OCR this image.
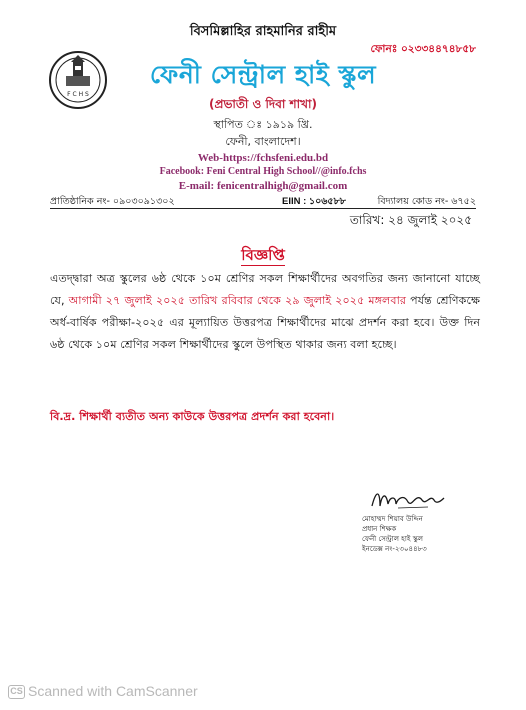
বিসমিল্লাহির রাহমানির রাহীম
ফোনঃ ০২৩৩৪৪৭৪৮৫৮
F C H S
ফেনী সেন্ট্রাল হাই স্কুল
(প্রভাতী ও দিবা শাখা)
স্থাপিত ঃ ১৯১৯ খ্রি.
ফেনী, বাংলাদেশ।
Web-https://fchsfeni.edu.bd
Facebook: Feni Central High School//@info.fchs
E-mail: fenicentralhigh@gmail.com
প্রাতিষ্ঠানিক নং- ০৯০৩০৯১৩০২	EIIN : ১০৬৫৮৮	বিদ্যালয় কোড নং- ৬৭৫২
তারিখ: ২৪ জুলাই ২০২৫
বিজ্ঞপ্তি
এতদ্দ্বারা অত্র স্কুলের ৬ষ্ঠ থেকে ১০ম শ্রেণির সকল শিক্ষার্থীদের অবগতির জন্য জানানো যাচ্ছে যে, আগামী ২৭ জুলাই ২০২৫ তারিখ রবিবার থেকে ২৯ জুলাই ২০২৫ মঙ্গলবার পর্যন্ত শ্রেণিকক্ষে অর্ধ-বার্ষিক পরীক্ষা-২০২৫ এর মূল্যায়িত উত্তরপত্র শিক্ষার্থীদের মাঝে প্রদর্শন করা হবে। উক্ত দিন ৬ষ্ঠ থেকে ১০ম শ্রেণির সকল শিক্ষার্থীদের স্কুলে উপস্থিত থাকার জন্য বলা হচ্ছে।
বি.দ্র. শিক্ষার্থী ব্যতীত অন্য কাউকে উত্তরপত্র প্রদর্শন করা হবেনা।
মোহাম্মদ শিয়াব উদ্দিন
প্রধান শিক্ষক
ফেনী সেন্ট্রাল হাই স্কুল
ইনডেক্স নং-২৩০৪৪৮৩
CS Scanned with CamScanner
